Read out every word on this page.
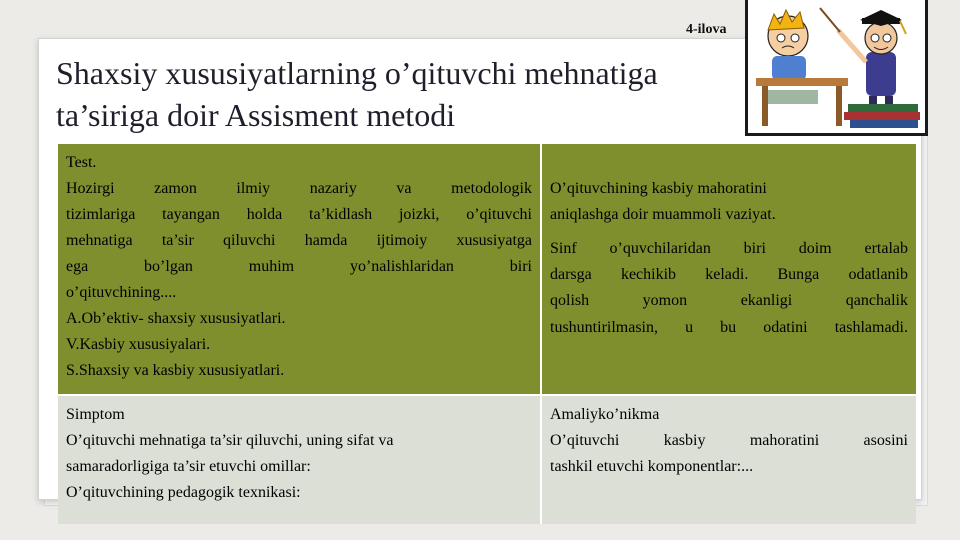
4-ilova
Shaxsiy xususiyatlarning o’qituvchi mehnatiga ta’siriga doir Assisment metodi

Test.

Hozirgi zamon ilmiy nazariy va metodologik

tizimlariga tayangan holda ta’kidlash joizki, o’qituvchi

mehnatiga ta’sir qiluvchi hamda ijtimoiy xususiyatga

ega bo’lgan muhim yo’nalishlaridan biri

o’qituvchining....

A.Ob’ektiv- shaxsiy xususiyatlari.

V.Kasbiy xususiyalari.

S.Shaxsiy va kasbiy xususiyatlari.

O’qituvchining kasbiy mahoratini

aniqlashga doir muammoli vaziyat.

Sinf o’quvchilaridan biri doim ertalab

darsga kechikib keladi. Bunga odatlanib

qolish yomon ekanligi qanchalik

tushuntirilmasin, u bu odatini tashlamadi.

Simptom

O’qituvchi mehnatiga ta’sir qiluvchi, uning sifat va

samaradorligiga ta’sir etuvchi omillar:

O’qituvchining pedagogik texnikasi:

Amaliyko’nikma

O’qituvchi kasbiy mahoratini asosini

tashkil etuvchi komponentlar:...
